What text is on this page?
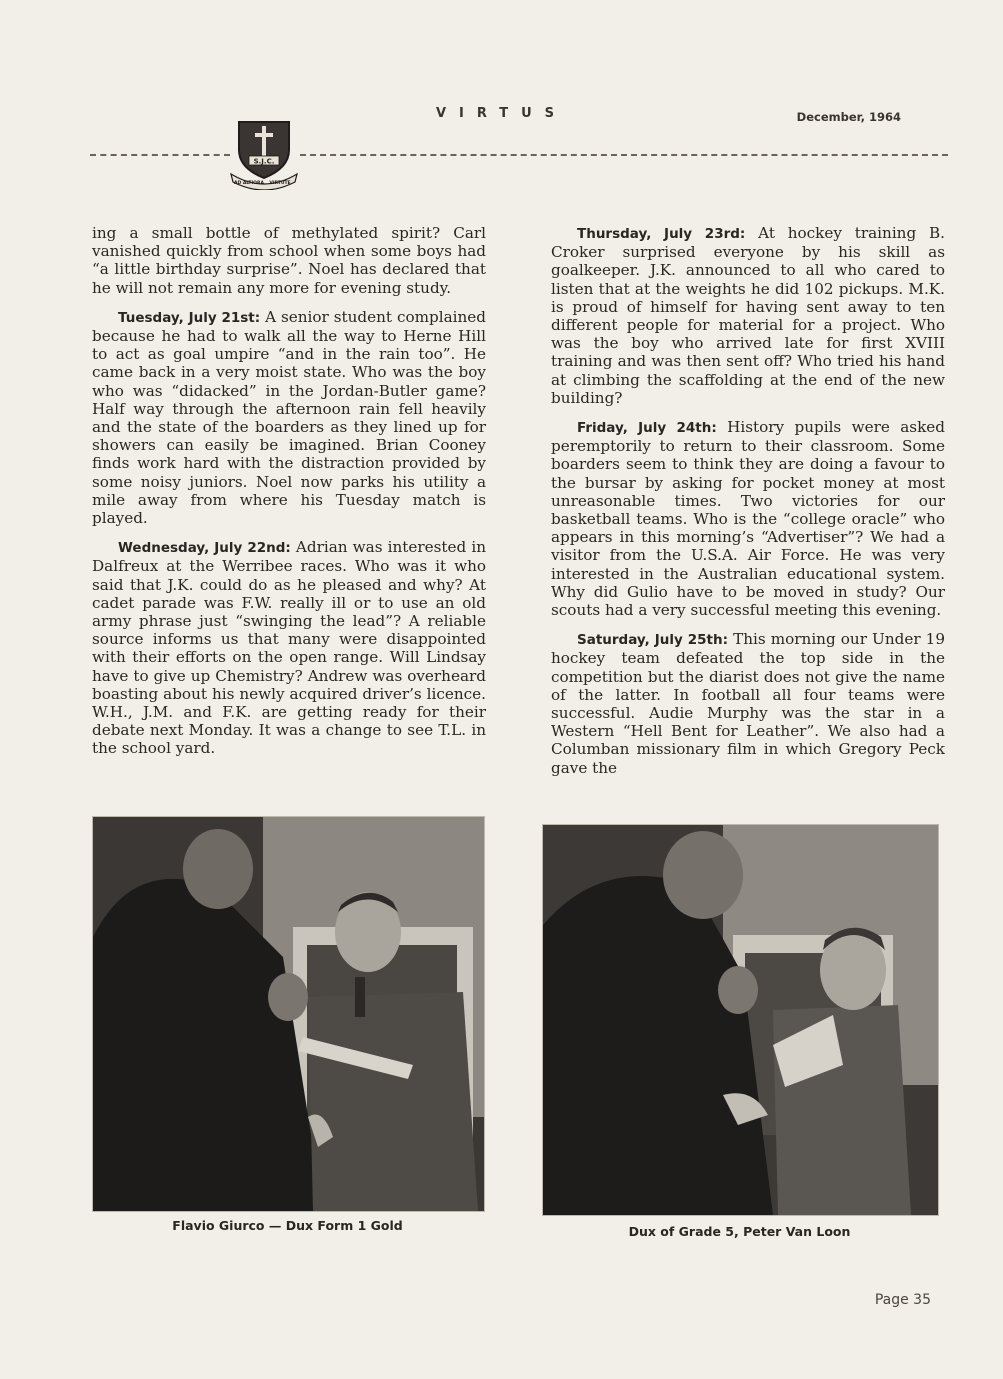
VIRTUS	December, 1964
S.J.C.
AD ALTIORA VIRTUTE

ing a small bottle of methylated spirit? Carl vanished quickly from school when some boys had “a little birthday surprise”. Noel has declared that he will not remain any more for evening study.

Tuesday, July 21st: A senior student complained because he had to walk all the way to Herne Hill to act as goal umpire “and in the rain too”. He came back in a very moist state. Who was the boy who was “didacked” in the Jordan-Butler game? Half way through the afternoon rain fell heavily and the state of the boarders as they lined up for showers can easily be imagined. Brian Cooney finds work hard with the distraction provided by some noisy juniors. Noel now parks his utility a mile away from where his Tuesday match is played.

Wednesday, July 22nd: Adrian was interested in Dalfreux at the Werribee races. Who was it who said that J.K. could do as he pleased and why? At cadet parade was F.W. really ill or to use an old army phrase just “swinging the lead”? A reliable source informs us that many were disappointed with their efforts on the open range. Will Lindsay have to give up Chemistry? Andrew was overheard boasting about his newly acquired driver’s licence. W.H., J.M. and F.K. are getting ready for their debate next Monday. It was a change to see T.L. in the school yard.

Thursday, July 23rd: At hockey training B. Croker surprised everyone by his skill as goalkeeper. J.K. announced to all who cared to listen that at the weights he did 102 pickups. M.K. is proud of himself for having sent away to ten different people for material for a project. Who was the boy who arrived late for first XVIII training and was then sent off? Who tried his hand at climbing the scaffolding at the end of the new building?

Friday, July 24th: History pupils were asked peremptorily to return to their classroom. Some boarders seem to think they are doing a favour to the bursar by asking for pocket money at most unreasonable times. Two victories for our basketball teams. Who is the “college oracle” who appears in this morning’s “Advertiser”? We had a visitor from the U.S.A. Air Force. He was very interested in the Australian educational system. Why did Gulio have to be moved in study? Our scouts had a very successful meeting this evening.

Saturday, July 25th: This morning our Under 19 hockey team defeated the top side in the competition but the diarist does not give the name of the latter. In football all four teams were successful. Audie Murphy was the star in a Western “Hell Bent for Leather”. We also had a Columban missionary film in which Gregory Peck gave the

Flavio Giurco — Dux Form 1 Gold	Dux of Grade 5, Peter Van Loon
Page 35
